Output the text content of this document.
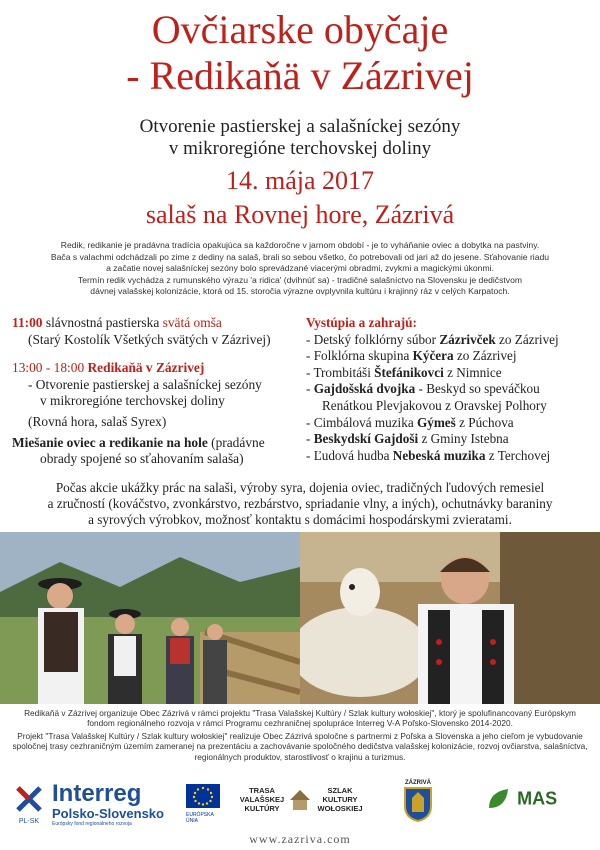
Ovčiarske obyčaje
- Redikaňä v Zázrivej
Otvorenie pastierskej a salašníckej sezóny
v mikroregióne terchovskej doliny
14. mája 2017
salaš na Rovnej hore, Zázrivá
Redik, redikanie je pradávna tradícia opakujúca sa každoročne v jarnom období - je to vyháňanie oviec a dobytka na pastviny.
Bača s valachmi odchádzali po zime z dediny na salaš, brali so sebou všetko, čo potrebovali od jari až do jesene. Sťahovanie riadu
a začatie novej salašníckej sezóny bolo sprevádzané viacerými obradmi, zvykmi a magickými úkonmi.
Termín redik vychádza z rumunského výrazu 'a ridica' (dvihnúť sa) - tradičné salašníctvo na Slovensku je dedičstvom
dávnej valašskej kolonizácie, ktorá od 15. storočia výrazne ovplyvnila kultúru i krajinný ráz v celých Karpatoch.
11:00 slávnostná pastierska svätá omša
(Starý Kostolík Všetkých svätých v Zázrivej)
13:00 - 18:00 Redikaňä v Zázrivej
- Otvorenie pastierskej a salašníckej sezóny
v mikroregióne terchovskej doliny
(Rovná hora, salaš Syrex)
Miešanie oviec a redikanie na hole (pradávne
obrady spojené so sťahovaním salaša)
Vystúpia a zahrajú:
- Detský folklórny súbor Zázrivček zo Zázrivej
- Folklórna skupina Kýčera zo Zázrivej
- Trombitáši Štefánikovci z Nimnice
- Gajdošská dvojka - Beskyd so speváčkou
Renátkou Plevjakovou z Oravskej Polhory
- Cimbálová muzika Gýmeš z Púchova
- Beskydskí Gajdoši z Gminy Istebna
- Ľudová hudba Nebeská muzika z Terchovej
Počas akcie ukážky prác na salaši, výroby syra, dojenia oviec, tradičných ľudových remesiel
a zručností (kováčstvo, zvonkárstvo, rezbárstvo, spriadanie vlny, a iných), ochutnávky baraniny
a syrových výrobkov, možnosť kontaktu s domácimi hospodárskymi zvieratami.
Redikaňä v Zázrivej organizuje Obec Zázrivá v rámci projektu "Trasa Valašskej Kultúry / Szlak kultury wołoskiej", ktorý je spolufinancovaný Európskym fondom regionálneho rozvoja v rámci Programu cezhraničnej spolupráce Interreg V-A Poľsko-Slovensko 2014-2020.
Projekt "Trasa Valašskej Kultúry / Szlak kultury wołoskiej" realizuje Obec Zázrivá spoločne s partnermi z Poľska a Slovenska a jeho cieľom je vybudovanie spoločnej trasy cezhraničným územím zameranej na prezentáciu a zachovávanie spoločného dedičstva valašskej kolonizácie, rozvoj ovčiarstva, salašníctva, regionálnych produktov, starostlivosť o krajinu a turizmus.
PL-SK
Interreg
Polsko-Slovensko
Európsky fond regionálneho rozvoja
EURÓPSKA ÚNIA
TRASA
VALAŠSKEJ
KULTÚRY
SZLAK
KULTURY
WOŁOSKIEJ
ZÁZRIVÁ
MAS
www.zazriva.com
